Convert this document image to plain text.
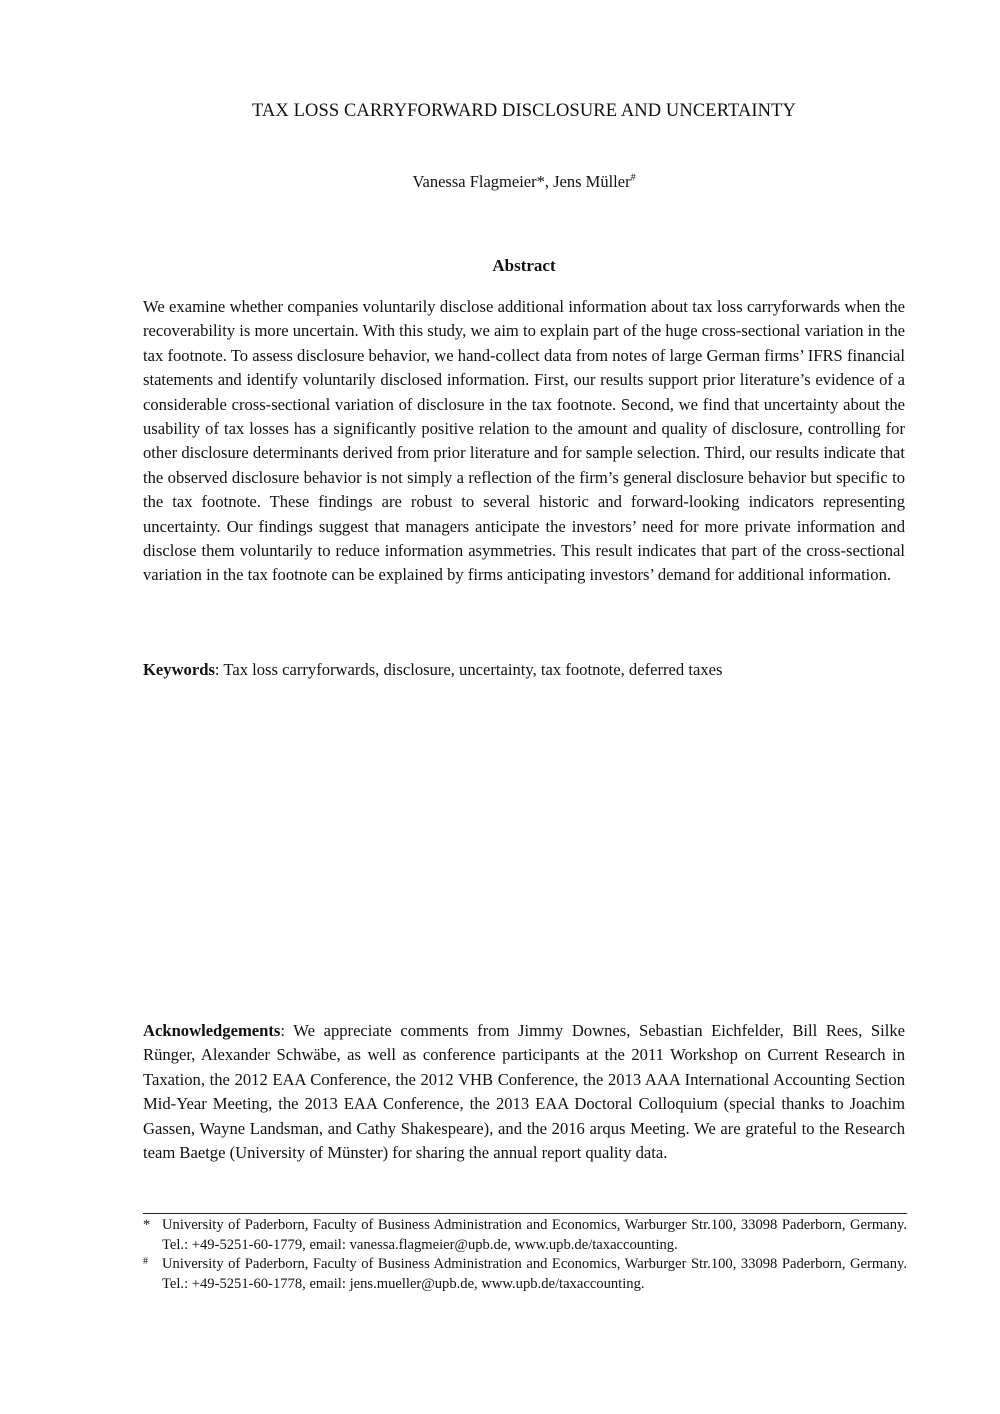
TAX LOSS CARRYFORWARD DISCLOSURE AND UNCERTAINTY

Vanessa Flagmeier*, Jens Müller#

Abstract

We examine whether companies voluntarily disclose additional information about tax loss carryforwards when the recoverability is more uncertain. With this study, we aim to explain part of the huge cross-sectional variation in the tax footnote. To assess disclosure behavior, we hand-collect data from notes of large German firms’ IFRS financial statements and identify voluntarily disclosed information. First, our results support prior literature’s evidence of a considerable cross-sectional variation of disclosure in the tax footnote. Second, we find that uncertainty about the usability of tax losses has a significantly positive relation to the amount and quality of disclosure, controlling for other disclosure determinants derived from prior literature and for sample selection. Third, our results indicate that the observed disclosure behavior is not simply a reflection of the firm’s general disclosure behavior but specific to the tax footnote. These findings are robust to several historic and forward-looking indicators representing uncertainty. Our findings suggest that managers anticipate the investors’ need for more private information and disclose them voluntarily to reduce information asymmetries. This result indicates that part of the cross-sectional variation in the tax footnote can be explained by firms anticipating investors’ demand for additional information.

Keywords: Tax loss carryforwards, disclosure, uncertainty, tax footnote, deferred taxes

Acknowledgements: We appreciate comments from Jimmy Downes, Sebastian Eichfelder, Bill Rees, Silke Rünger, Alexander Schwäbe, as well as conference participants at the 2011 Workshop on Current Research in Taxation, the 2012 EAA Conference, the 2012 VHB Conference, the 2013 AAA International Accounting Section Mid-Year Meeting, the 2013 EAA Conference, the 2013 EAA Doctoral Colloquium (special thanks to Joachim Gassen, Wayne Landsman, and Cathy Shakespeare), and the 2016 arqus Meeting. We are grateful to the Research team Baetge (University of Münster) for sharing the annual report quality data.

* University of Paderborn, Faculty of Business Administration and Economics, Warburger Str.100, 33098 Paderborn, Germany. Tel.: +49-5251-60-1779, email: vanessa.flagmeier@upb.de, www.upb.de/taxaccounting.
# University of Paderborn, Faculty of Business Administration and Economics, Warburger Str.100, 33098 Paderborn, Germany. Tel.: +49-5251-60-1778, email: jens.mueller@upb.de, www.upb.de/taxaccounting.
